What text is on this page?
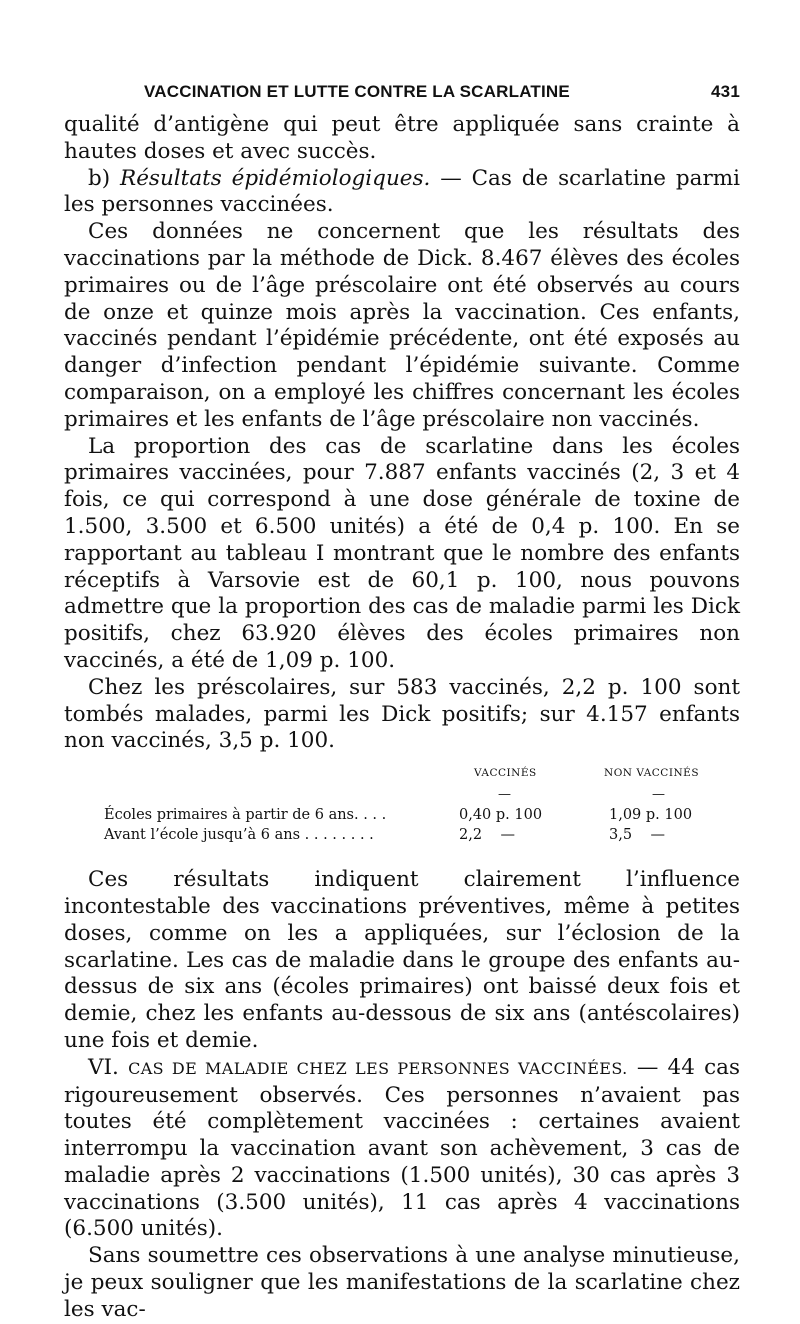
VACCINATION ET LUTTE CONTRE LA SCARLATINE	431

qualité d’antigène qui peut être appliquée sans crainte à hautes doses et avec succès.

b) Résultats épidémiologiques. — Cas de scarlatine parmi les personnes vaccinées.

Ces données ne concernent que les résultats des vaccinations par la méthode de Dick. 8.467 élèves des écoles primaires ou de l’âge préscolaire ont été observés au cours de onze et quinze mois après la vaccination. Ces enfants, vaccinés pendant l’épidémie précédente, ont été exposés au danger d’infection pendant l’épidémie suivante. Comme comparaison, on a employé les chiffres concernant les écoles primaires et les enfants de l’âge préscolaire non vaccinés.

La proportion des cas de scarlatine dans les écoles primaires vaccinées, pour 7.887 enfants vaccinés (2, 3 et 4 fois, ce qui correspond à une dose générale de toxine de 1.500, 3.500 et 6.500 unités) a été de 0,4 p. 100. En se rapportant au tableau I montrant que le nombre des enfants réceptifs à Varsovie est de 60,1 p. 100, nous pouvons admettre que la proportion des cas de maladie parmi les Dick positifs, chez 63.920 élèves des écoles primaires non vaccinés, a été de 1,09 p. 100.

Chez les préscolaires, sur 583 vaccinés, 2,2 p. 100 sont tombés malades, parmi les Dick positifs; sur 4.157 enfants non vaccinés, 3,5 p. 100.

VACCINÉS	NON VACCINÉS
—	—
Écoles primaires à partir de 6 ans. . . .	0,40 p. 100	1,09 p. 100
Avant l’école jusqu’à 6 ans . . . . . . . .	2,2    —	3,5    —

Ces résultats indiquent clairement l’influence incontestable des vaccinations préventives, même à petites doses, comme on les a appliquées, sur l’éclosion de la scarlatine. Les cas de maladie dans le groupe des enfants au-dessus de six ans (écoles primaires) ont baissé deux fois et demie, chez les enfants au-dessous de six ans (antéscolaires) une fois et demie.

VI. CAS DE MALADIE CHEZ LES PERSONNES VACCINÉES. — 44 cas rigoureusement observés. Ces personnes n’avaient pas toutes été complètement vaccinées : certaines avaient interrompu la vaccination avant son achèvement, 3 cas de maladie après 2 vaccinations (1.500 unités), 30 cas après 3 vaccinations (3.500 unités), 11 cas après 4 vaccinations (6.500 unités).

Sans soumettre ces observations à une analyse minutieuse, je peux souligner que les manifestations de la scarlatine chez les vac-
